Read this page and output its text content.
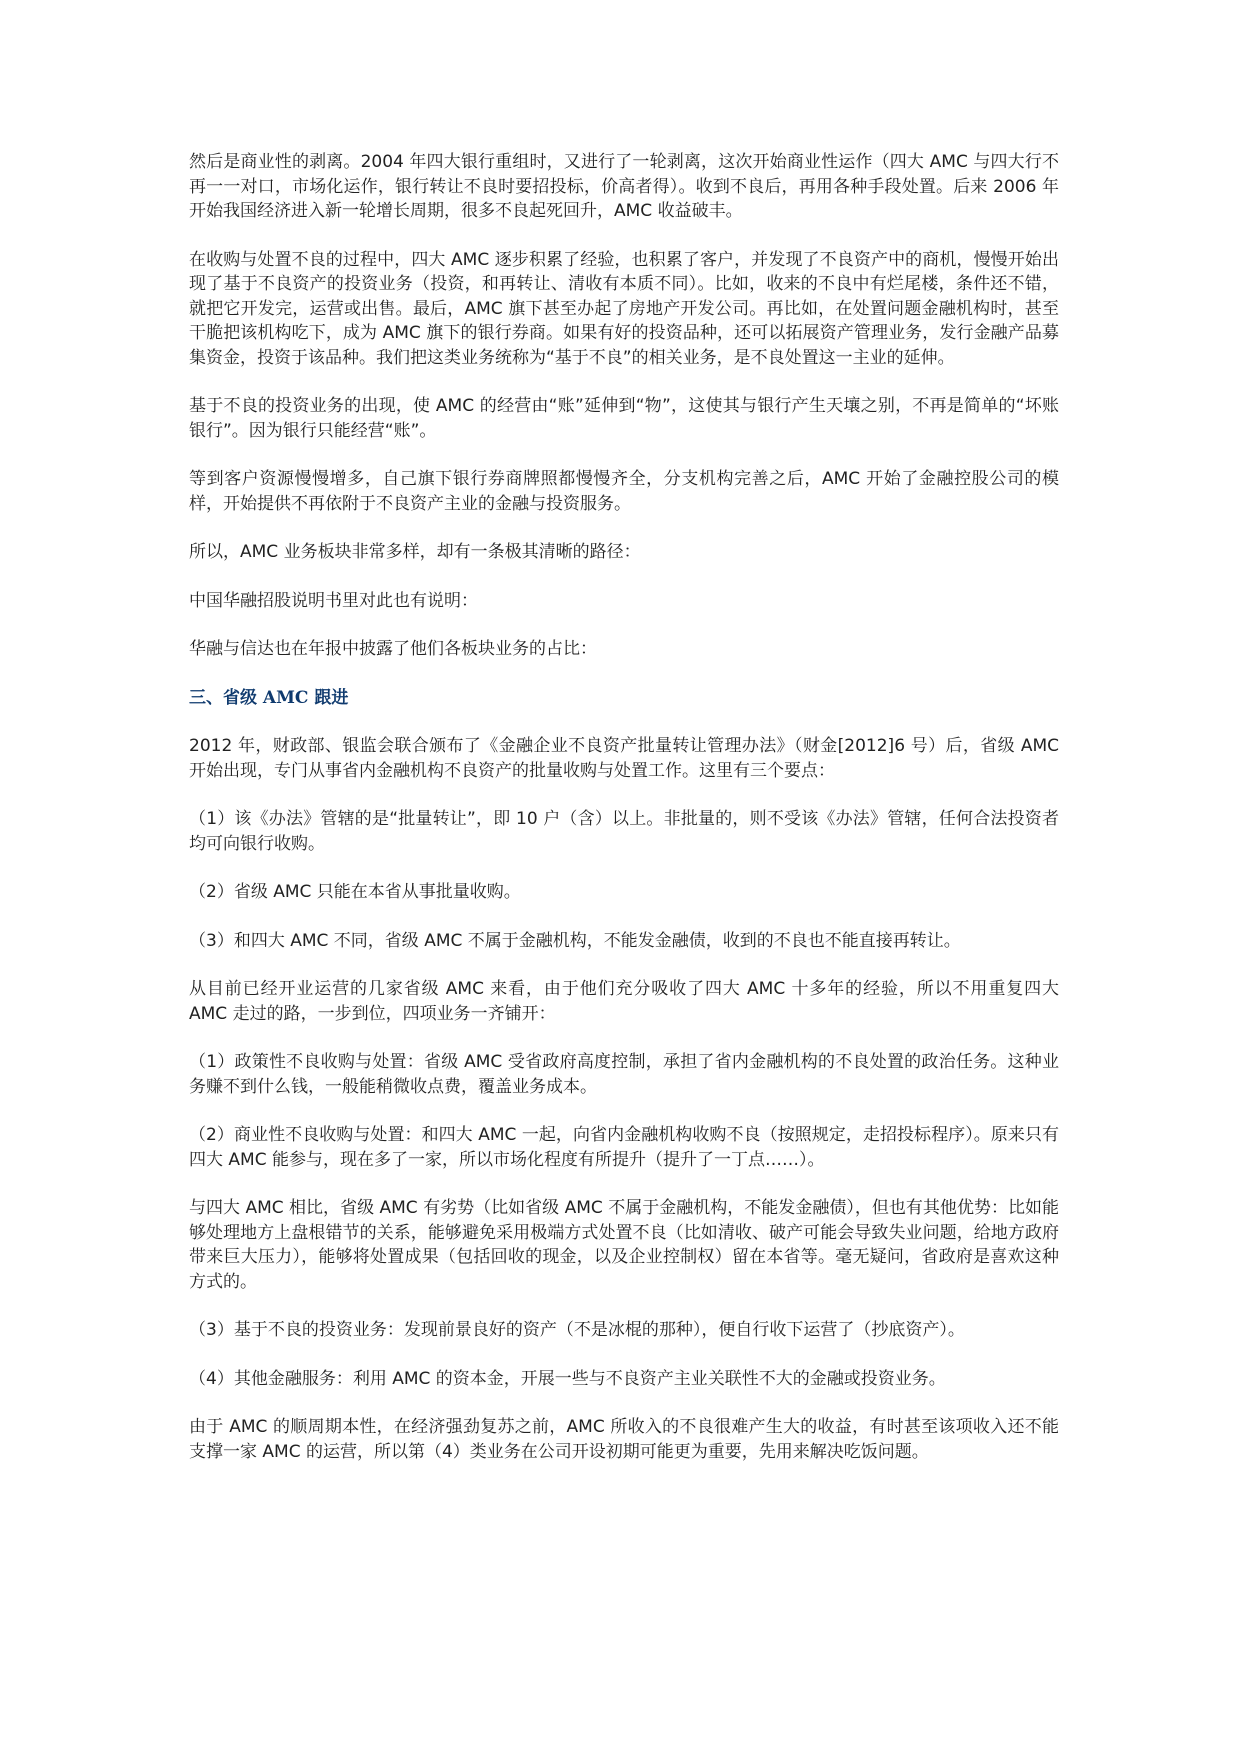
然后是商业性的剥离。2004 年四大银行重组时，又进行了一轮剥离，这次开始商业性运作（四大 AMC 与四大行不再一一对口，市场化运作，银行转让不良时要招投标，价高者得）。收到不良后，再用各种手段处置。后来 2006 年开始我国经济进入新一轮增长周期，很多不良起死回升，AMC 收益破丰。

在收购与处置不良的过程中，四大 AMC 逐步积累了经验，也积累了客户，并发现了不良资产中的商机，慢慢开始出现了基于不良资产的投资业务（投资，和再转让、清收有本质不同）。比如，收来的不良中有烂尾楼，条件还不错，就把它开发完，运营或出售。最后，AMC 旗下甚至办起了房地产开发公司。再比如，在处置问题金融机构时，甚至干脆把该机构吃下，成为 AMC 旗下的银行券商。如果有好的投资品种，还可以拓展资产管理业务，发行金融产品募集资金，投资于该品种。我们把这类业务统称为“基于不良”的相关业务，是不良处置这一主业的延伸。

基于不良的投资业务的出现，使 AMC 的经营由“账”延伸到“物”，这使其与银行产生天壤之别，不再是简单的“坏账银行”。因为银行只能经营“账”。

等到客户资源慢慢增多，自己旗下银行券商牌照都慢慢齐全，分支机构完善之后，AMC 开始了金融控股公司的模样，开始提供不再依附于不良资产主业的金融与投资服务。

所以，AMC 业务板块非常多样，却有一条极其清晰的路径：

中国华融招股说明书里对此也有说明：

华融与信达也在年报中披露了他们各板块业务的占比：

三、省级 AMC 跟进

2012 年，财政部、银监会联合颁布了《金融企业不良资产批量转让管理办法》（财金[2012]6 号）后，省级 AMC 开始出现，专门从事省内金融机构不良资产的批量收购与处置工作。这里有三个要点：

（1）该《办法》管辖的是“批量转让”，即 10 户（含）以上。非批量的，则不受该《办法》管辖，任何合法投资者均可向银行收购。

（2）省级 AMC 只能在本省从事批量收购。

（3）和四大 AMC 不同，省级 AMC 不属于金融机构，不能发金融债，收到的不良也不能直接再转让。

从目前已经开业运营的几家省级 AMC 来看，由于他们充分吸收了四大 AMC 十多年的经验，所以不用重复四大 AMC 走过的路，一步到位，四项业务一齐铺开：

（1）政策性不良收购与处置：省级 AMC 受省政府高度控制，承担了省内金融机构的不良处置的政治任务。这种业务赚不到什么钱，一般能稍微收点费，覆盖业务成本。

（2）商业性不良收购与处置：和四大 AMC 一起，向省内金融机构收购不良（按照规定，走招投标程序）。原来只有四大 AMC 能参与，现在多了一家，所以市场化程度有所提升（提升了一丁点……）。

与四大 AMC 相比，省级 AMC 有劣势（比如省级 AMC 不属于金融机构，不能发金融债），但也有其他优势：比如能够处理地方上盘根错节的关系，能够避免采用极端方式处置不良（比如清收、破产可能会导致失业问题，给地方政府带来巨大压力），能够将处置成果（包括回收的现金，以及企业控制权）留在本省等。毫无疑问，省政府是喜欢这种方式的。

（3）基于不良的投资业务：发现前景良好的资产（不是冰棍的那种），便自行收下运营了（抄底资产）。

（4）其他金融服务：利用 AMC 的资本金，开展一些与不良资产主业关联性不大的金融或投资业务。

由于 AMC 的顺周期本性，在经济强劲复苏之前，AMC 所收入的不良很难产生大的收益，有时甚至该项收入还不能支撑一家 AMC 的运营，所以第（4）类业务在公司开设初期可能更为重要，先用来解决吃饭问题。
